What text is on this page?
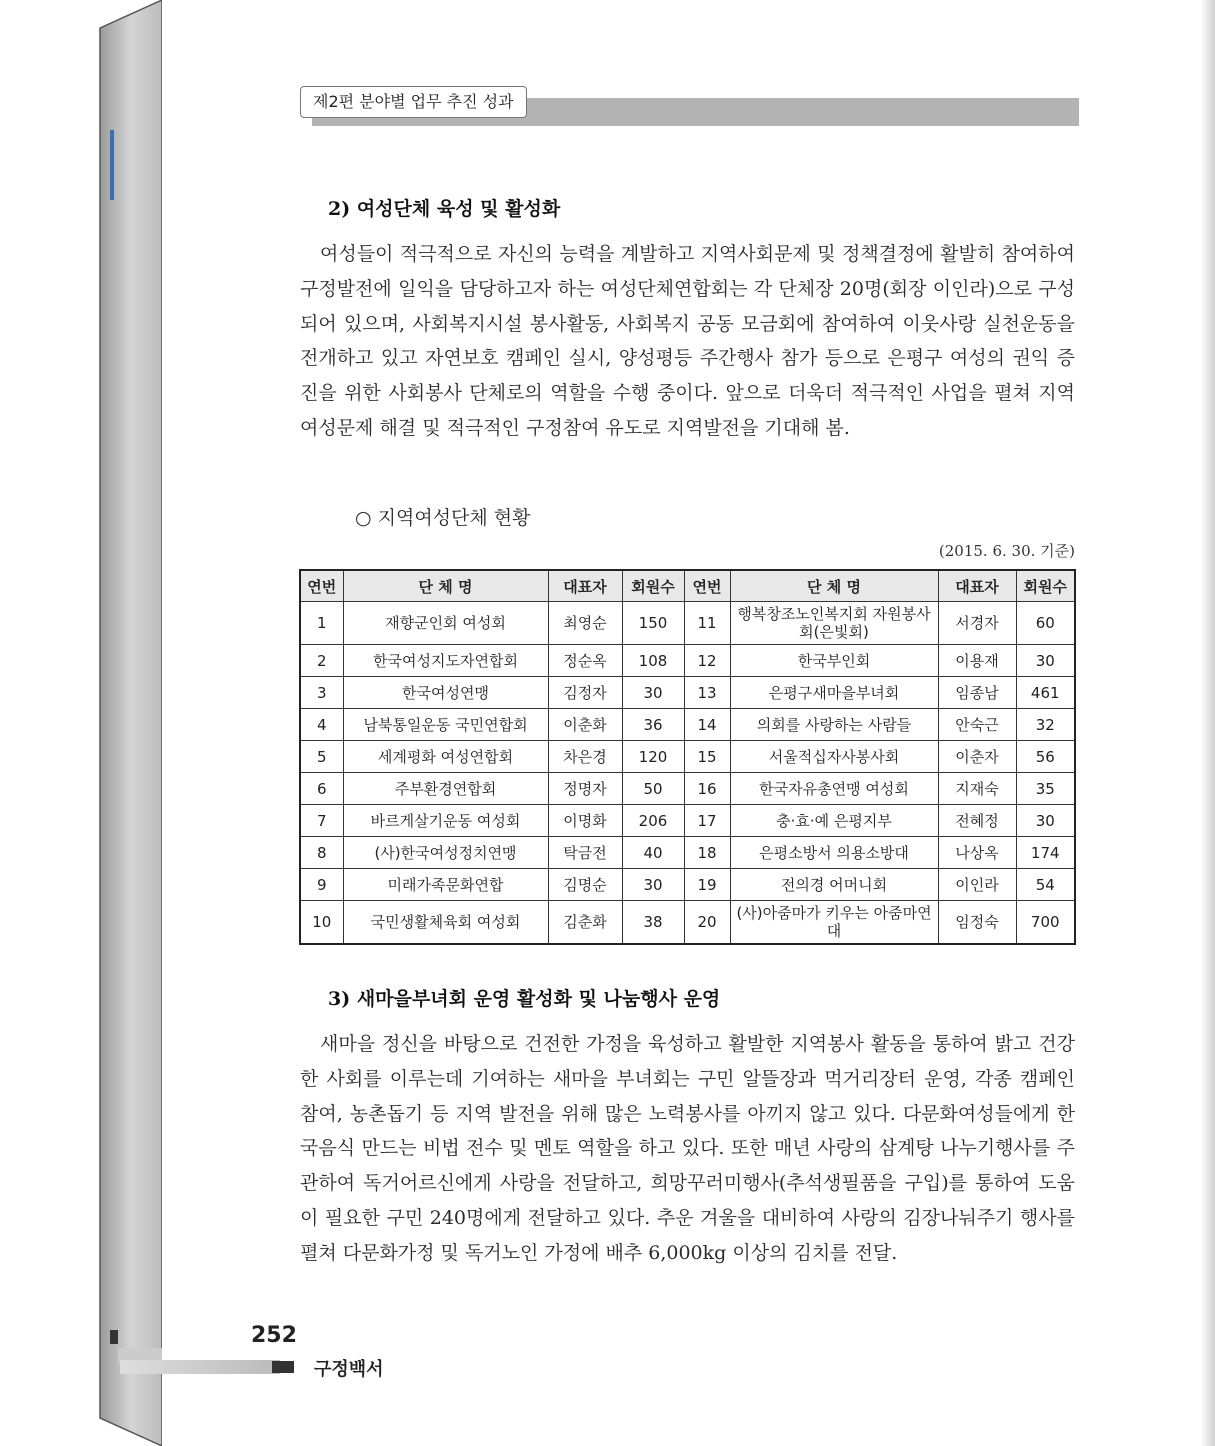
제2편 분야별 업무 추진 성과
2) 여성단체 육성 및 활성화
여성들이 적극적으로 자신의 능력을 계발하고 지역사회문제 및 정책결정에 활발히 참여하여 구정발전에 일익을 담당하고자 하는 여성단체연합회는 각 단체장 20명(회장 이인라)으로 구성되어 있으며, 사회복지시설 봉사활동, 사회복지 공동 모금회에 참여하여 이웃사랑 실천운동을 전개하고 있고 자연보호 캠페인 실시, 양성평등 주간행사 참가 등으로 은평구 여성의 권익 증진을 위한 사회봉사 단체로의 역할을 수행 중이다. 앞으로 더욱더 적극적인 사업을 펼쳐 지역 여성문제 해결 및 적극적인 구정참여 유도로 지역발전을 기대해 봄.
○ 지역여성단체 현황
(2015. 6. 30. 기준)
연번	단 체 명	대표자	회원수	연번	단 체 명	대표자	회원수
1	재향군인회 여성회	최영순	150	11	행복창조노인복지회 자원봉사회(은빛회)	서경자	60
2	한국여성지도자연합회	정순옥	108	12	한국부인회	이용재	30
3	한국여성연맹	김정자	30	13	은평구새마을부녀회	임종남	461
4	남북통일운동 국민연합회	이춘화	36	14	의회를 사랑하는 사람들	안숙근	32
5	세계평화 여성연합회	차은경	120	15	서울적십자사봉사회	이춘자	56
6	주부환경연합회	정명자	50	16	한국자유총연맹 여성회	지재숙	35
7	바르게살기운동 여성회	이명화	206	17	충·효·예 은평지부	전혜정	30
8	(사)한국여성정치연맹	탁금전	40	18	은평소방서 의용소방대	나상옥	174
9	미래가족문화연합	김명순	30	19	전의경 어머니회	이인라	54
10	국민생활체육회 여성회	김춘화	38	20	(사)아줌마가 키우는 아줌마연대	임정숙	700
3) 새마을부녀회 운영 활성화 및 나눔행사 운영
새마을 정신을 바탕으로 건전한 가정을 육성하고 활발한 지역봉사 활동을 통하여 밝고 건강한 사회를 이루는데 기여하는 새마을 부녀회는 구민 알뜰장과 먹거리장터 운영, 각종 캠페인 참여, 농촌돕기 등 지역 발전을 위해 많은 노력봉사를 아끼지 않고 있다. 다문화여성들에게 한국음식 만드는 비법 전수 및 멘토 역할을 하고 있다. 또한 매년 사랑의 삼계탕 나누기행사를 주관하여 독거어르신에게 사랑을 전달하고, 희망꾸러미행사(추석생필품을 구입)를 통하여 도움이 필요한 구민 240명에게 전달하고 있다. 추운 겨울을 대비하여 사랑의 김장나눠주기 행사를 펼쳐 다문화가정 및 독거노인 가정에 배추 6,000kg 이상의 김치를 전달.
252
구정백서
